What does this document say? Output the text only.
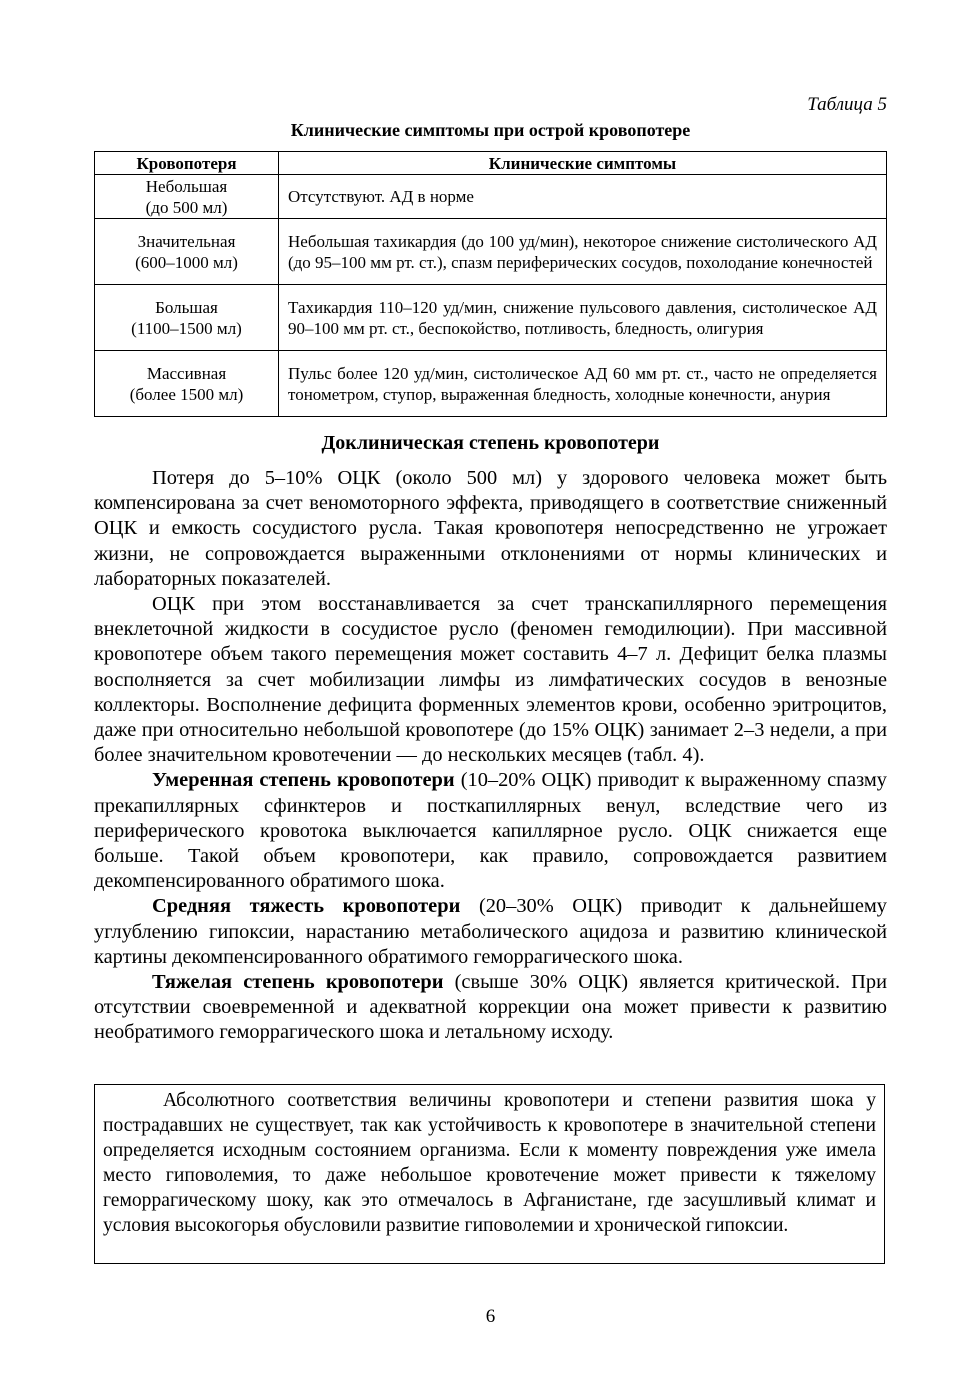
Таблица 5
Клинические симптомы при острой кровопотере
Кровопотеря	Клинические симптомы
Небольшая
(до 500 мл)	Отсутствуют. АД в норме
Значительная
(600–1000 мл)	Небольшая тахикардия (до 100 уд/мин), некоторое снижение систолического АД (до 95–100 мм рт. ст.), спазм периферических сосудов, похолодание конечностей
Большая
(1100–1500 мл)	Тахикардия 110–120 уд/мин, снижение пульсового давления, систолическое АД 90–100 мм рт. ст., беспокойство, потливость, бледность, олигурия
Массивная
(более 1500 мл)	Пульс более 120 уд/мин, систолическое АД 60 мм рт. ст., часто не определяется тонометром, ступор, выраженная бледность, холодные конечности, анурия
Доклиническая степень кровопотери

Потеря до 5–10% ОЦК (около 500 мл) у здорового человека может быть компенсирована за счет веномоторного эффекта, приводящего в соответствие сниженный ОЦК и емкость сосудистого русла. Такая кровопотеря непосредственно не угрожает жизни, не сопровождается выраженными отклонениями от нормы клинических и лабораторных показателей.

ОЦК при этом восстанавливается за счет транскапиллярного перемещения внеклеточной жидкости в сосудистое русло (феномен гемодилюции). При массивной кровопотере объем такого перемещения может составить 4–7 л. Дефицит белка плазмы восполняется за счет мобилизации лимфы из лимфатических сосудов в венозные коллекторы. Восполнение дефицита форменных элементов крови, особенно эритроцитов, даже при относительно небольшой кровопотере (до 15% ОЦК) занимает 2–3 недели, а при более значительном кровотечении — до нескольких месяцев (табл. 4).

Умеренная степень кровопотери (10–20% ОЦК) приводит к выраженному спазму прекапиллярных сфинктеров и посткапиллярных венул, вследствие чего из периферического кровотока выключается капиллярное русло. ОЦК снижается еще больше. Такой объем кровопотери, как правило, сопровождается развитием декомпенсированного обратимого шока.

Средняя тяжесть кровопотери (20–30% ОЦК) приводит к дальнейшему углублению гипоксии, нарастанию метаболического ацидоза и развитию клинической картины декомпенсированного обратимого геморрагического шока.

Тяжелая степень кровопотери (свыше 30% ОЦК) является критической. При отсутствии своевременной и адекватной коррекции она может привести к развитию необратимого геморрагического шока и летальному исходу.

Абсолютного соответствия величины кровопотери и степени развития шока у пострадавших не существует, так как устойчивость к кровопотере в значительной степени определяется исходным состоянием организма. Если к моменту повреждения уже имела место гиповолемия, то даже небольшое кровотечение может привести к тяжелому геморрагическому шоку, как это отмечалось в Афганистане, где засушливый климат и условия высокогорья обусловили развитие гиповолемии и хронической гипоксии.

6
